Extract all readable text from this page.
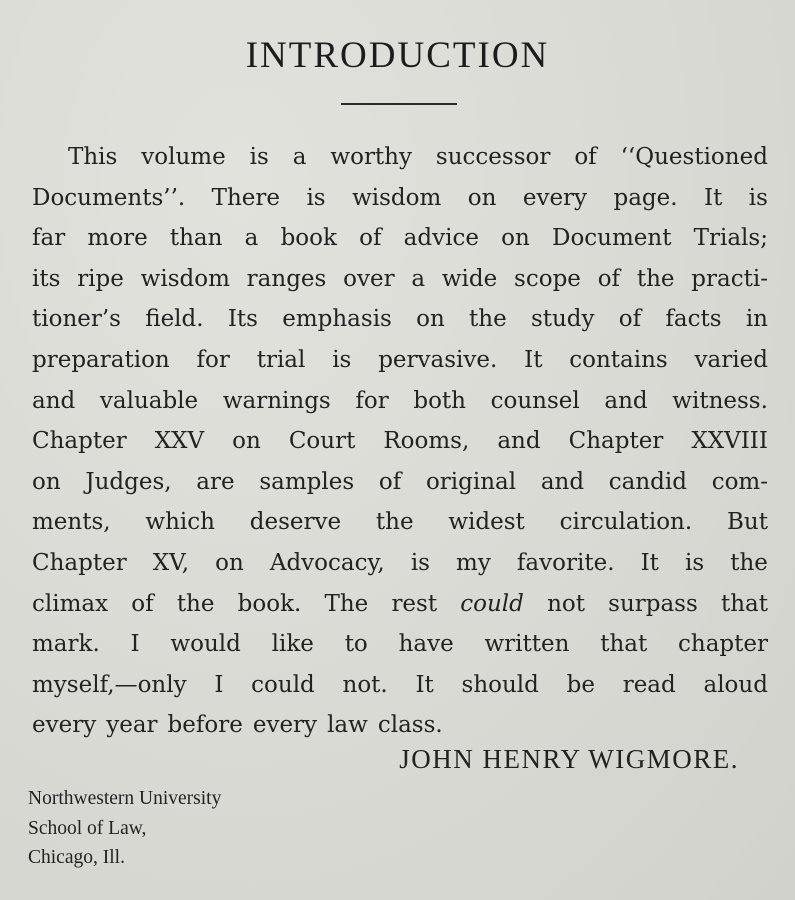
INTRODUCTION
This volume is a worthy successor of ‘‘Questioned
Documents’’. There is wisdom on every page. It is
far more than a book of advice on Document Trials;
its ripe wisdom ranges over a wide scope of the practi-
tioner’s field. Its emphasis on the study of facts in
preparation for trial is pervasive. It contains varied
and valuable warnings for both counsel and witness.
Chapter XXV on Court Rooms, and Chapter XXVIII
on Judges, are samples of original and candid com-
ments, which deserve the widest circulation. But
Chapter XV, on Advocacy, is my favorite. It is the
climax of the book. The rest could not surpass that
mark. I would like to have written that chapter
myself,—only I could not. It should be read aloud
every year before every law class.
JOHN HENRY WIGMORE.
Northwestern University
School of Law,
Chicago, Ill.
